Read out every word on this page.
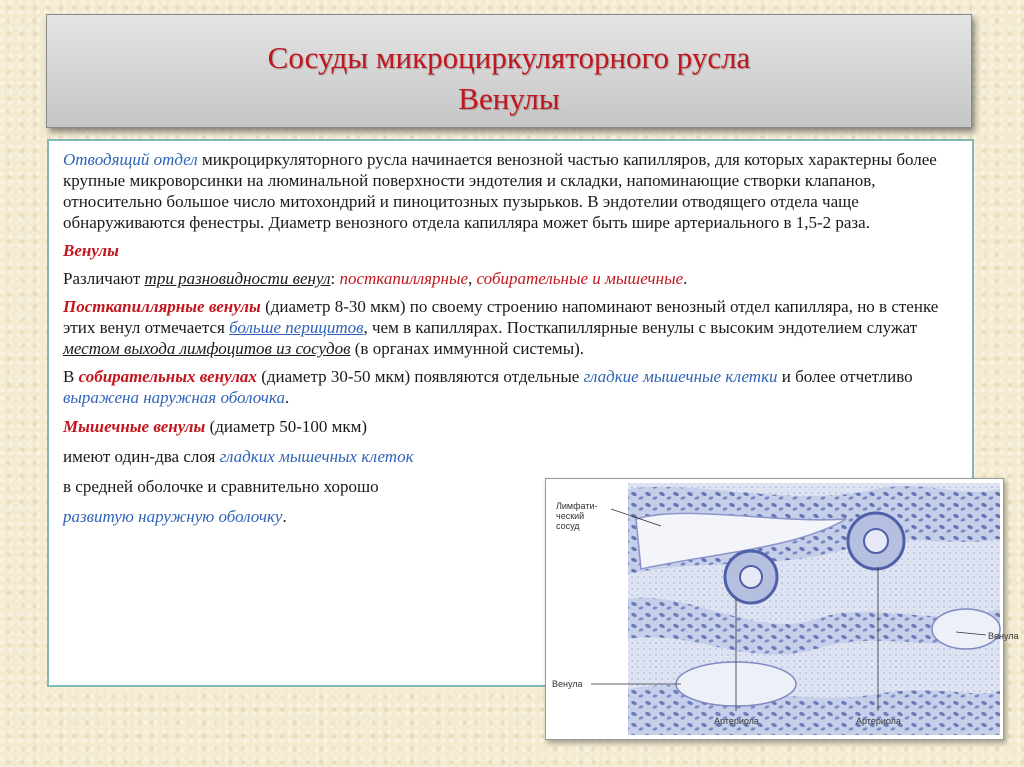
Сосуды микроциркуляторного русла
Венулы

Отводящий отдел микроциркуляторного русла начинается венозной частью капилляров, для которых характерны более крупные микроворсинки на люминальной поверхности эндотелия и складки, напоминающие створки клапанов, относительно большое число митохондрий и пиноцитозных пузырьков. В эндотелии отводящего отдела чаще обнаруживаются фенестры. Диаметр венозного отдела капилляра может быть шире артериального в 1,5-2 раза.

Венулы

Различают три разновидности венул: посткапиллярные, собирательные и мышечные.

Посткапиллярные венулы (диаметр 8-30 мкм) по своему строению напоминают венозный отдел капилляра, но в стенке этих венул отмечается больше перицитов, чем в капиллярах. Посткапиллярные венулы с высоким эндотелием служат местом выхода лимфоцитов из сосудов (в органах иммунной системы).

В собирательных венулах (диаметр 30-50 мкм) появляются отдельные гладкие мышечные клетки и более отчетливо выражена наружная оболочка.

Мышечные венулы (диаметр 50-100 мкм)

имеют один-два слоя гладких мышечных клеток

в средней оболочке и сравнительно хорошо

развитую наружную оболочку.

Лимфати-
ческий
сосуд
Венула
Венула
Артериола	Артериола
